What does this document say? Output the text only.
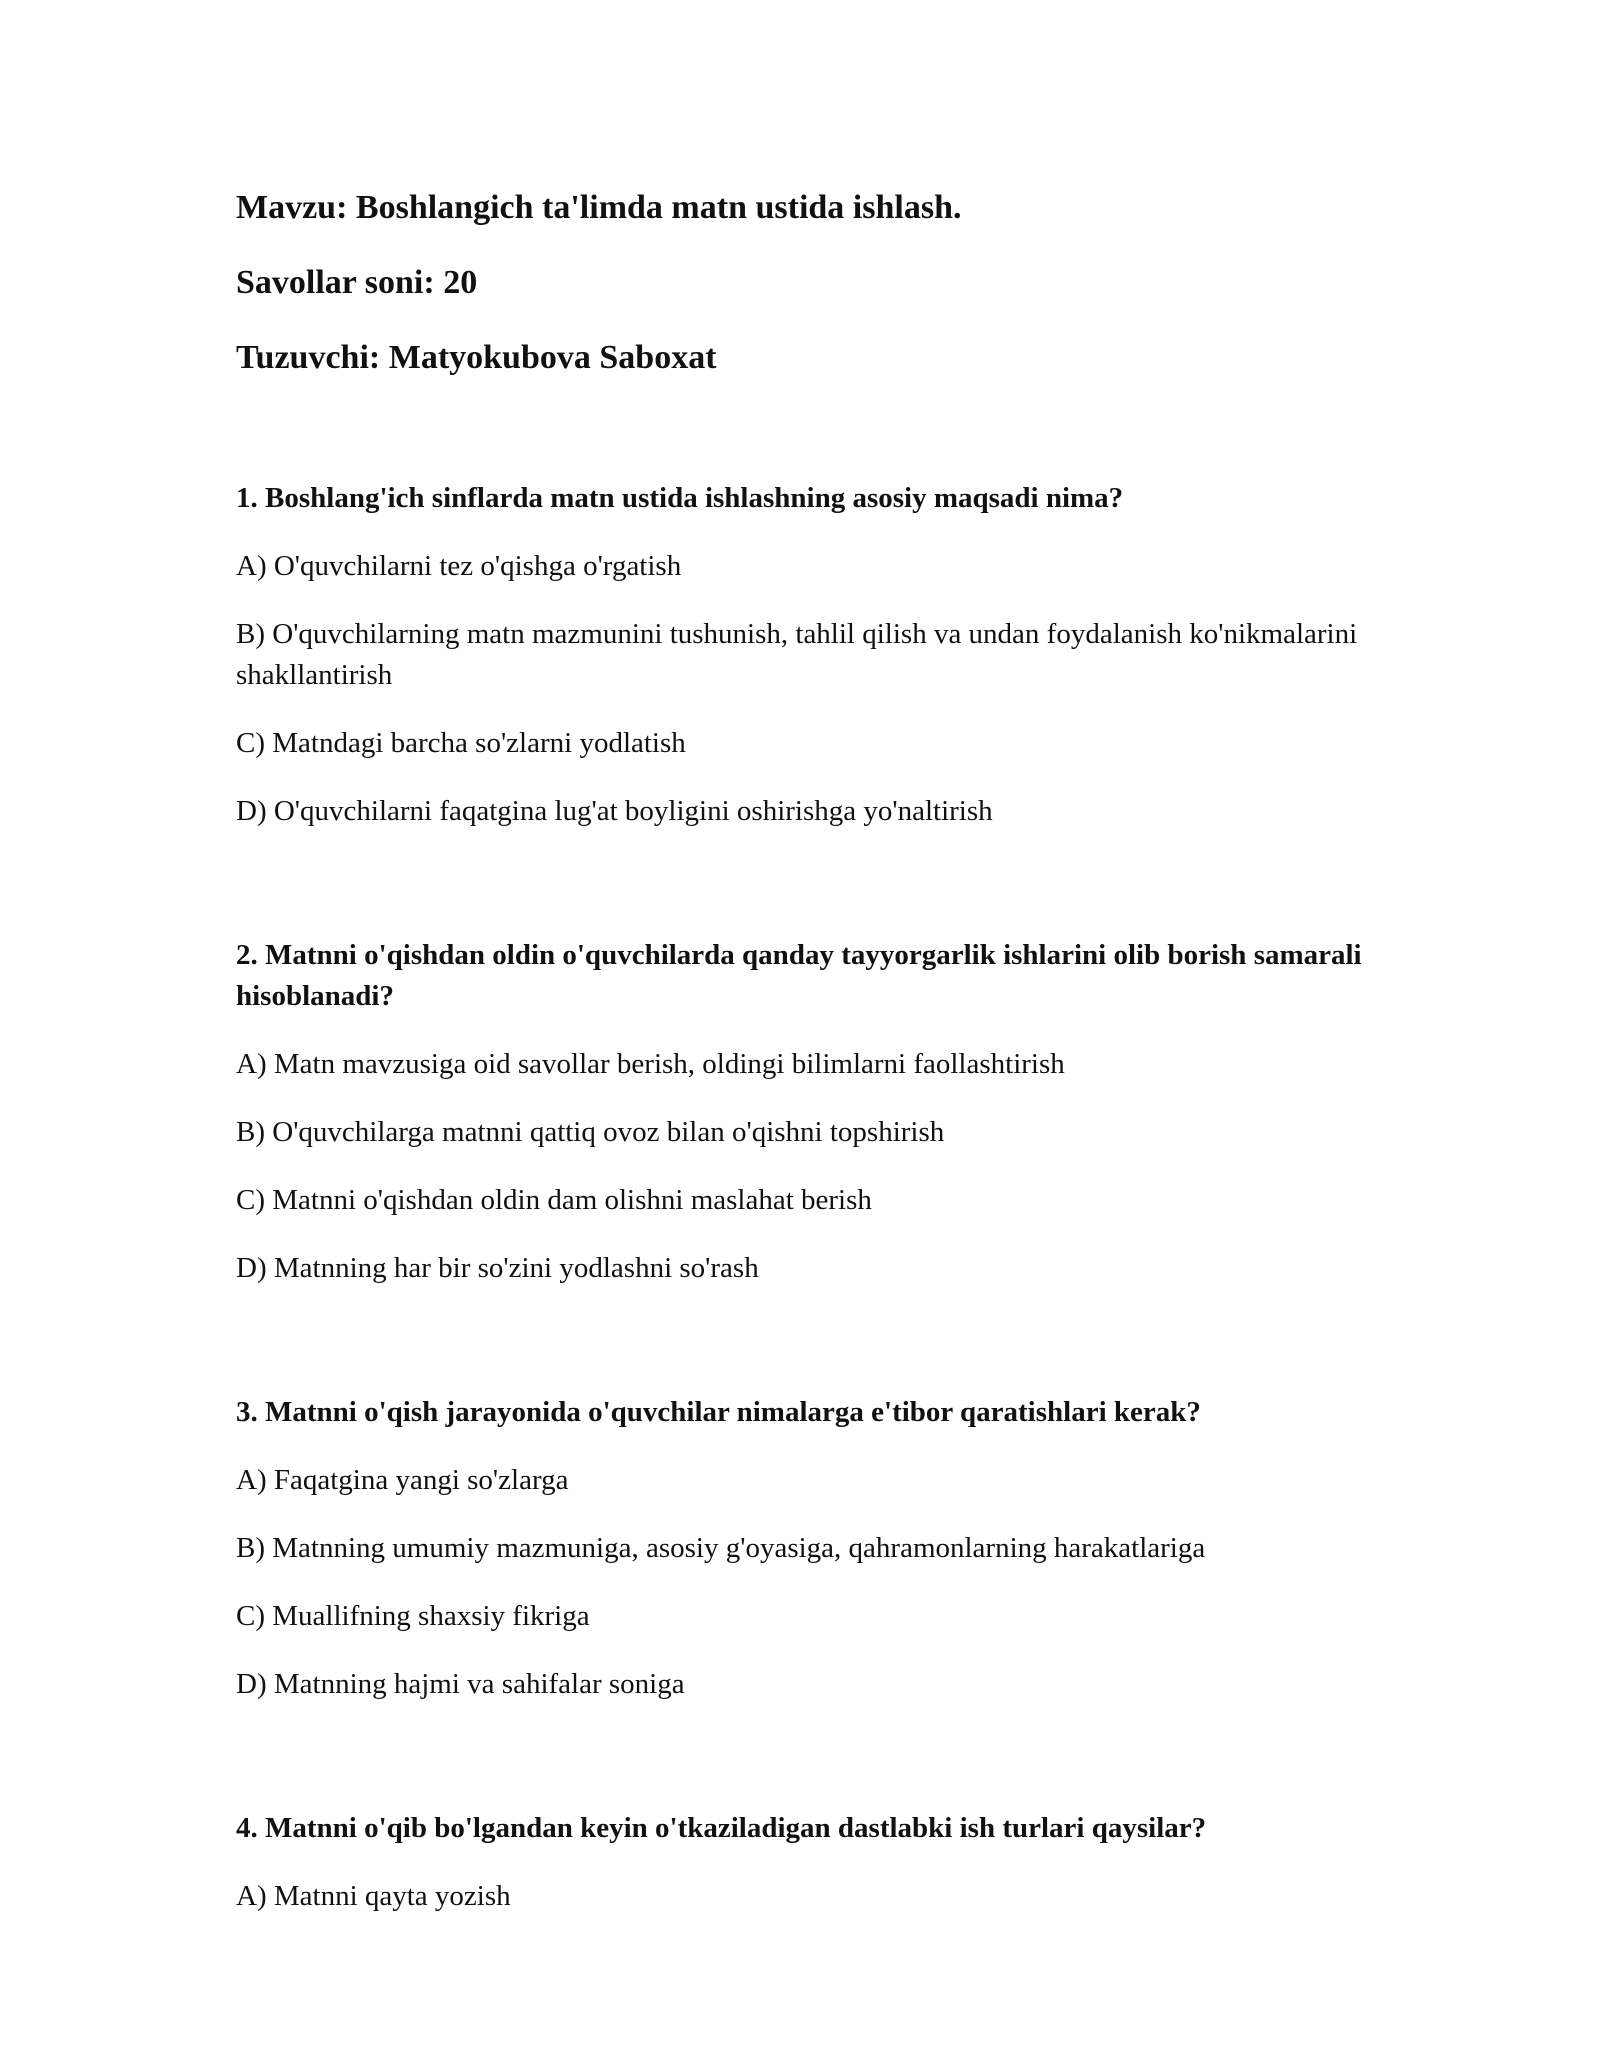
Mavzu: Boshlangich ta'limda matn ustida ishlash.
Savollar soni: 20
Tuzuvchi: Matyokubova Saboxat
1. Boshlang'ich sinflarda matn ustida ishlashning asosiy maqsadi nima?
A) O'quvchilarni tez o'qishga o'rgatish
B) O'quvchilarning matn mazmunini tushunish, tahlil qilish va undan foydalanish ko'nikmalarini shakllantirish
C) Matndagi barcha so'zlarni yodlatish
D) O'quvchilarni faqatgina lug'at boyligini oshirishga yo'naltirish
2. Matnni o'qishdan oldin o'quvchilarda qanday tayyorgarlik ishlarini olib borish samarali hisoblanadi?
A) Matn mavzusiga oid savollar berish, oldingi bilimlarni faollashtirish
B) O'quvchilarga matnni qattiq ovoz bilan o'qishni topshirish
C) Matnni o'qishdan oldin dam olishni maslahat berish
D) Matnning har bir so'zini yodlashni so'rash
3. Matnni o'qish jarayonida o'quvchilar nimalarga e'tibor qaratishlari kerak?
A) Faqatgina yangi so'zlarga
B) Matnning umumiy mazmuniga, asosiy g'oyasiga, qahramonlarning harakatlariga
C) Muallifning shaxsiy fikriga
D) Matnning hajmi va sahifalar soniga
4. Matnni o'qib bo'lgandan keyin o'tkaziladigan dastlabki ish turlari qaysilar?
A) Matnni qayta yozish
